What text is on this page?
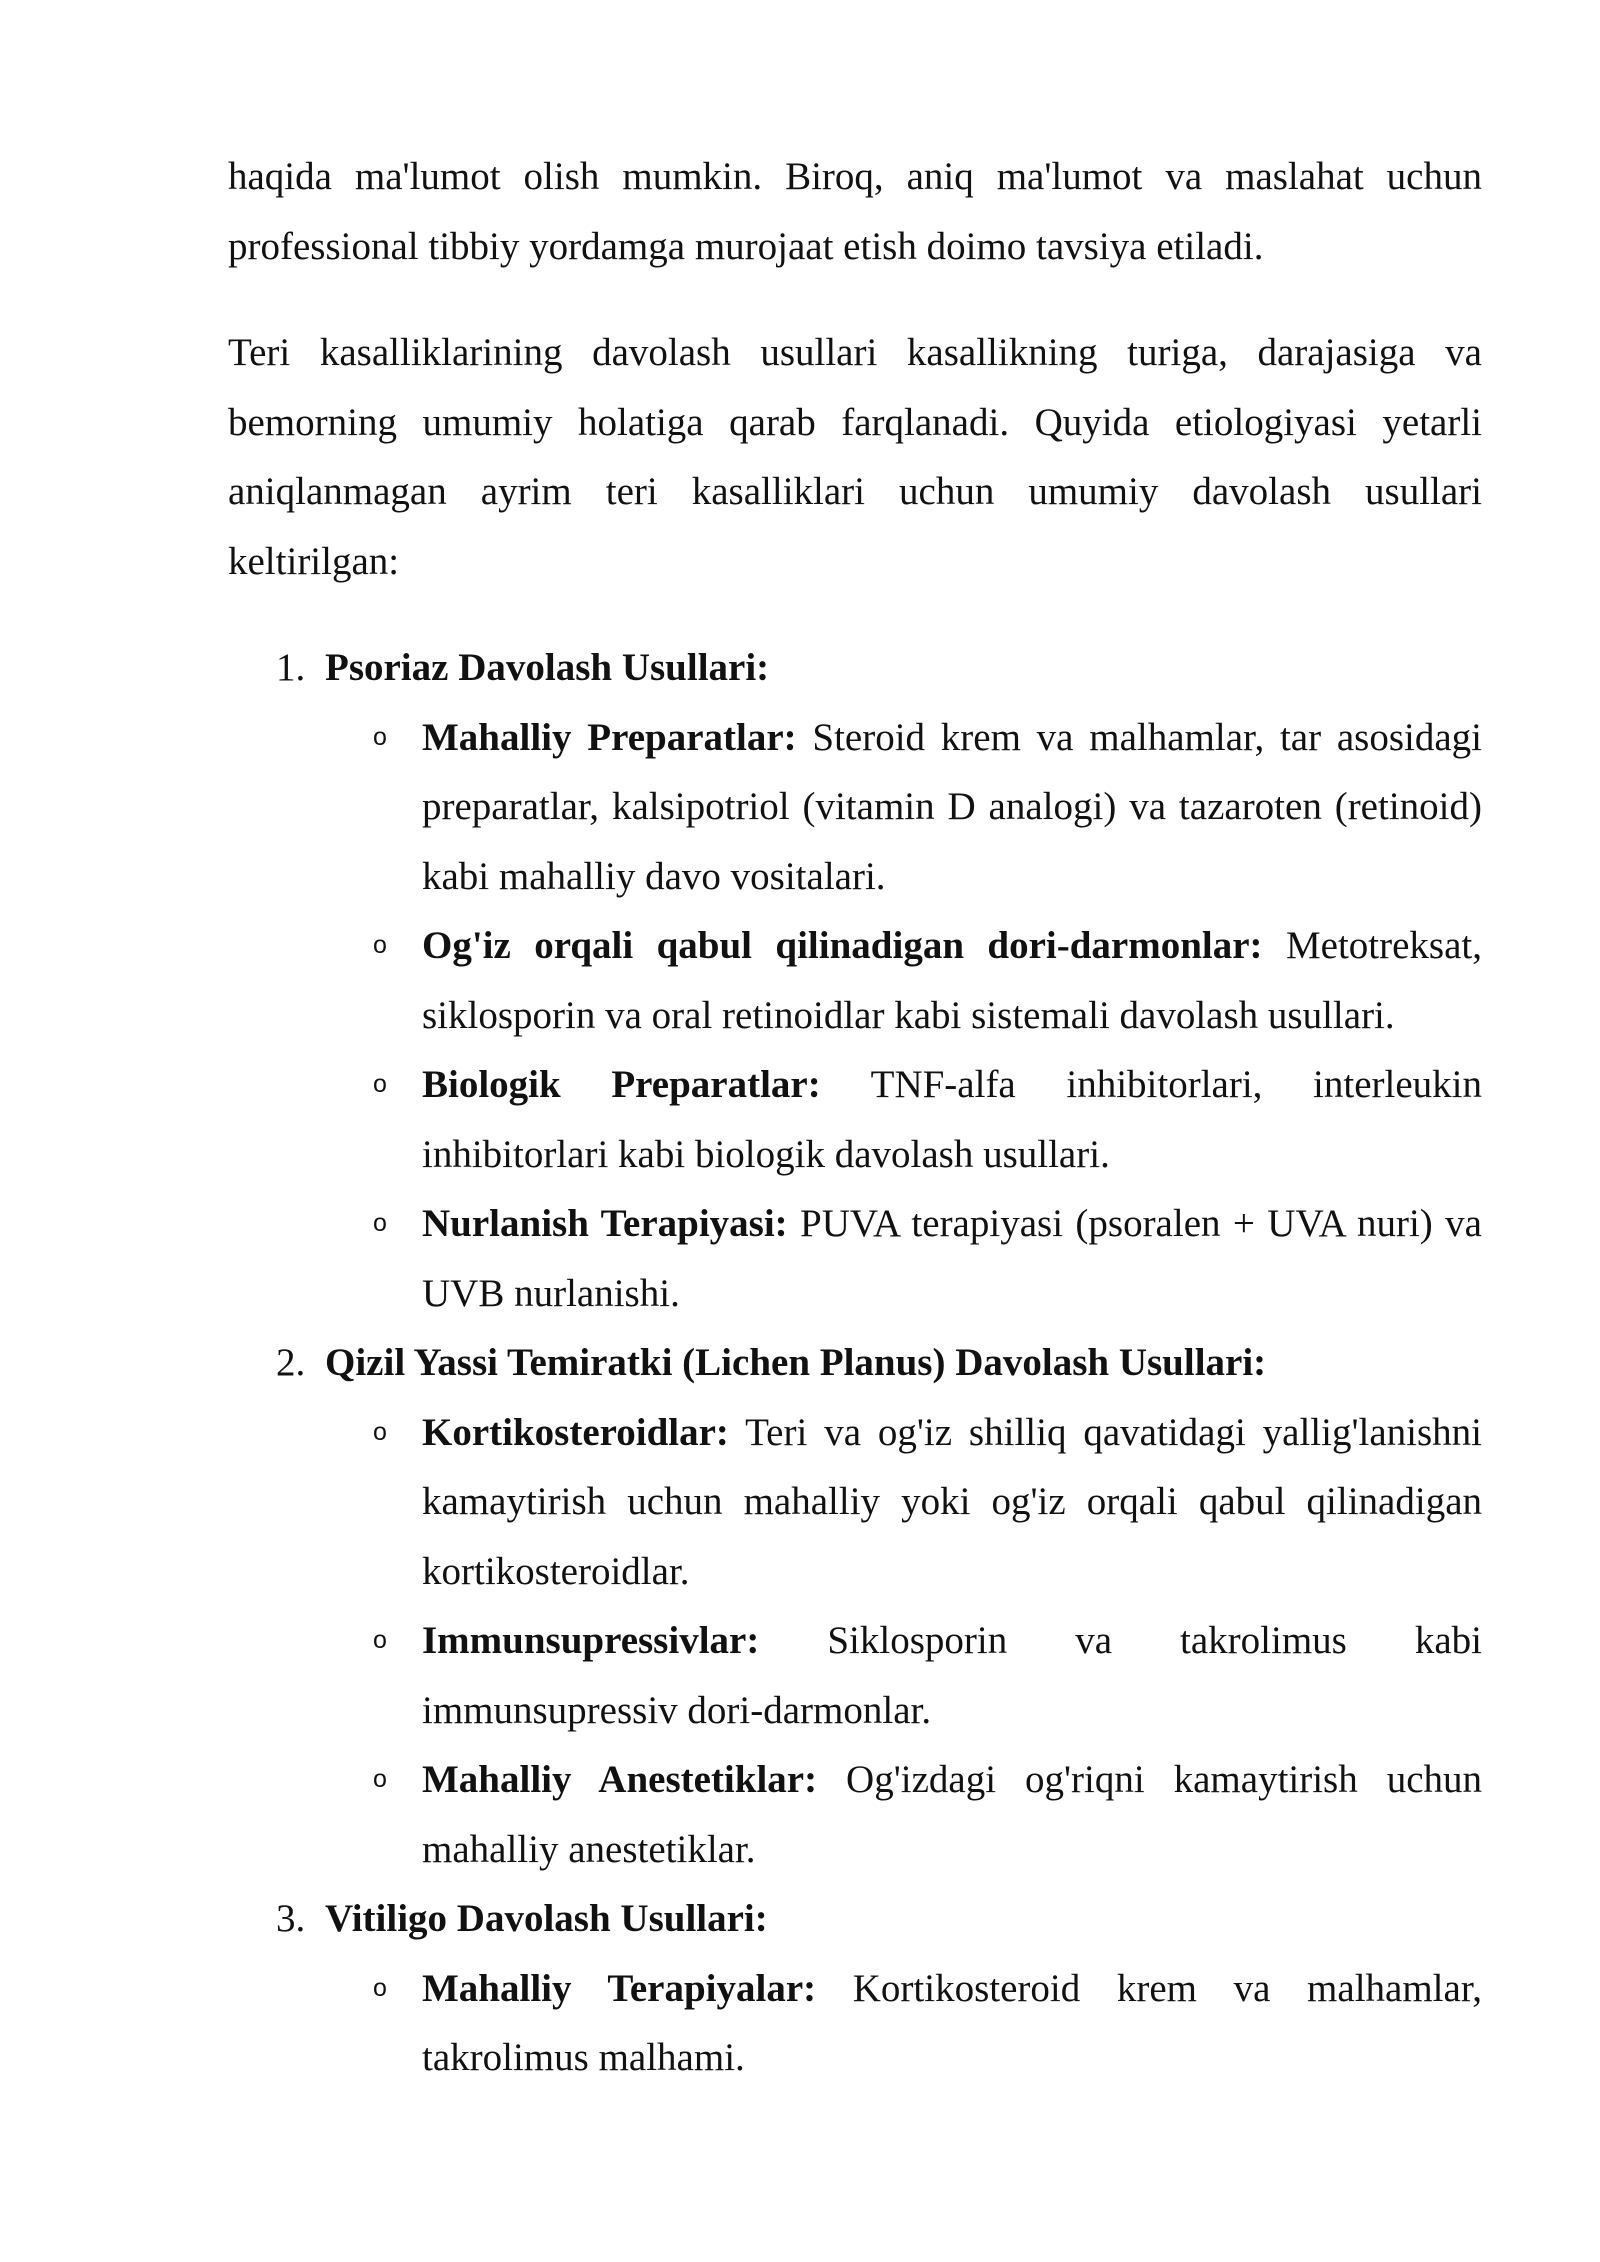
haqida ma'lumot olish mumkin. Biroq, aniq ma'lumot va maslahat uchun professional tibbiy yordamga murojaat etish doimo tavsiya etiladi.

Teri kasalliklarining davolash usullari kasallikning turiga, darajasiga va bemorning umumiy holatiga qarab farqlanadi. Quyida etiologiyasi yetarli aniqlanmagan ayrim teri kasalliklari uchun umumiy davolash usullari keltirilgan:

1. Psoriaz Davolash Usullari:
o Mahalliy Preparatlar: Steroid krem va malhamlar, tar asosidagi preparatlar, kalsipotriol (vitamin D analogi) va tazaroten (retinoid) kabi mahalliy davo vositalari.
o Og'iz orqali qabul qilinadigan dori-darmonlar: Metotreksat, siklosporin va oral retinoidlar kabi sistemali davolash usullari.
o Biologik Preparatlar: TNF-alfa inhibitorlari, interleukin inhibitorlari kabi biologik davolash usullari.
o Nurlanish Terapiyasi: PUVA terapiyasi (psoralen + UVA nuri) va UVB nurlanishi.
2. Qizil Yassi Temiratki (Lichen Planus) Davolash Usullari:
o Kortikosteroidlar: Teri va og'iz shilliq qavatidagi yallig'lanishni kamaytirish uchun mahalliy yoki og'iz orqali qabul qilinadigan kortikosteroidlar.
o Immunsupressivlar: Siklosporin va takrolimus kabi immunsupressiv dori-darmonlar.
o Mahalliy Anestetiklar: Og'izdagi og'riqni kamaytirish uchun mahalliy anestetiklar.
3. Vitiligo Davolash Usullari:
o Mahalliy Terapiyalar: Kortikosteroid krem va malhamlar, takrolimus malhami.
